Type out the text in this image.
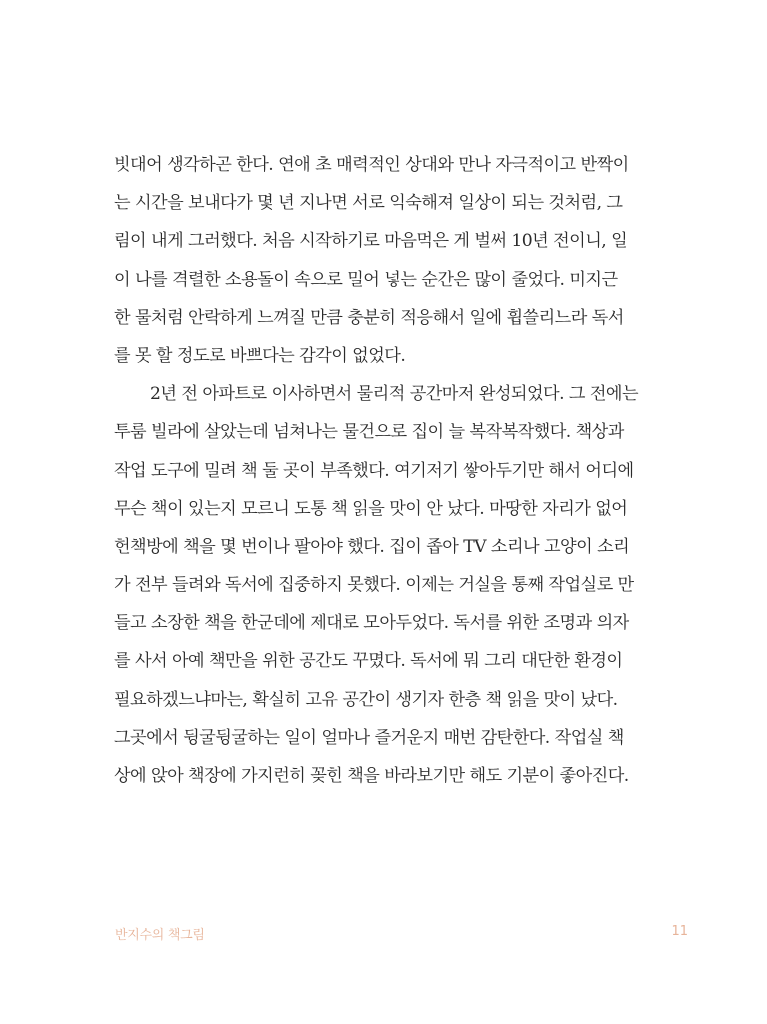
빗대어 생각하곤 한다. 연애 초 매력적인 상대와 만나 자극적이고 반짝이
는 시간을 보내다가 몇 년 지나면 서로 익숙해져 일상이 되는 것처럼, 그
림이 내게 그러했다. 처음 시작하기로 마음먹은 게 벌써 10년 전이니, 일
이 나를 격렬한 소용돌이 속으로 밀어 넣는 순간은 많이 줄었다. 미지근
한 물처럼 안락하게 느껴질 만큼 충분히 적응해서 일에 휩쓸리느라 독서
를 못 할 정도로 바쁘다는 감각이 없었다.
2년 전 아파트로 이사하면서 물리적 공간마저 완성되었다. 그 전에는
투룸 빌라에 살았는데 넘쳐나는 물건으로 집이 늘 복작복작했다. 책상과
작업 도구에 밀려 책 둘 곳이 부족했다. 여기저기 쌓아두기만 해서 어디에
무슨 책이 있는지 모르니 도통 책 읽을 맛이 안 났다. 마땅한 자리가 없어
헌책방에 책을 몇 번이나 팔아야 했다. 집이 좁아 TV 소리나 고양이 소리
가 전부 들려와 독서에 집중하지 못했다. 이제는 거실을 통째 작업실로 만
들고 소장한 책을 한군데에 제대로 모아두었다. 독서를 위한 조명과 의자
를 사서 아예 책만을 위한 공간도 꾸몄다. 독서에 뭐 그리 대단한 환경이
필요하겠느냐마는, 확실히 고유 공간이 생기자 한층 책 읽을 맛이 났다.
그곳에서 뒹굴뒹굴하는 일이 얼마나 즐거운지 매번 감탄한다. 작업실 책
상에 앉아 책장에 가지런히 꽂힌 책을 바라보기만 해도 기분이 좋아진다.
반지수의 책그림	11
